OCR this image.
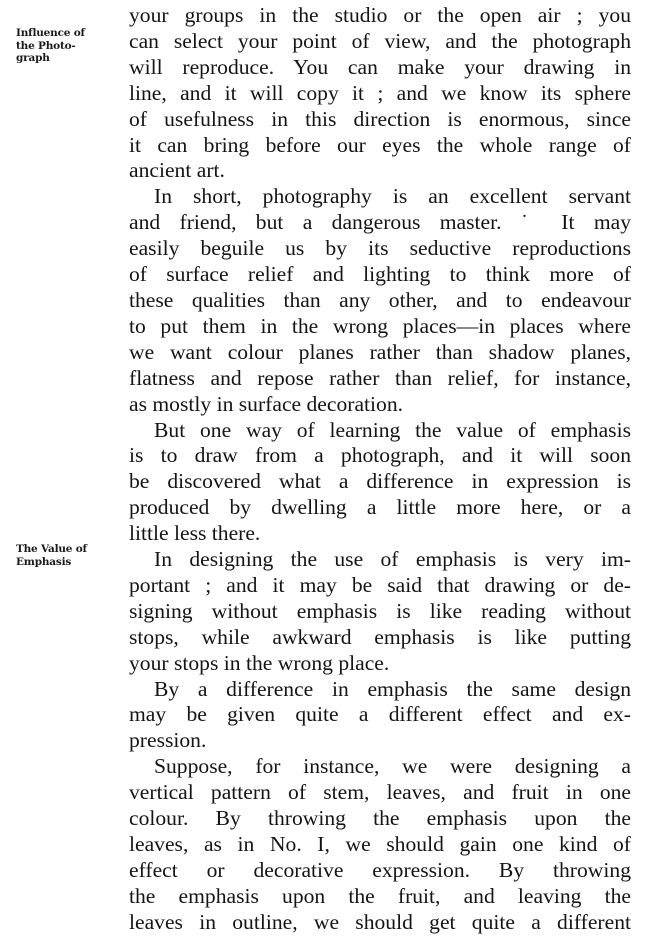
Influence of
the Photo-
graph
The Value of
Emphasis
your groups in the studio or the open air ; you
can select your point of view, and the photograph
will reproduce. You can make your drawing in
line, and it will copy it ; and we know its sphere
of usefulness in this direction is enormous, since
it can bring before our eyes the whole range of
ancient art.
In short, photography is an excellent servant
and friend, but a dangerous master. ˙ It may
easily beguile us by its seductive reproductions
of surface relief and lighting to think more of
these qualities than any other, and to endeavour
to put them in the wrong places—in places where
we want colour planes rather than shadow planes,
flatness and repose rather than relief, for instance,
as mostly in surface decoration.
But one way of learning the value of emphasis
is to draw from a photograph, and it will soon
be discovered what a difference in expression is
produced by dwelling a little more here, or a
little less there.
In designing the use of emphasis is very im-
portant ; and it may be said that drawing or de-
signing without emphasis is like reading without
stops, while awkward emphasis is like putting
your stops in the wrong place.
By a difference in emphasis the same design
may be given quite a different effect and ex-
pression.
Suppose, for instance, we were designing a
vertical pattern of stem, leaves, and fruit in one
colour. By throwing the emphasis upon the
leaves, as in No. I, we should gain one kind of
effect or decorative expression. By throwing
the emphasis upon the fruit, and leaving the
leaves in outline, we should get quite a different
